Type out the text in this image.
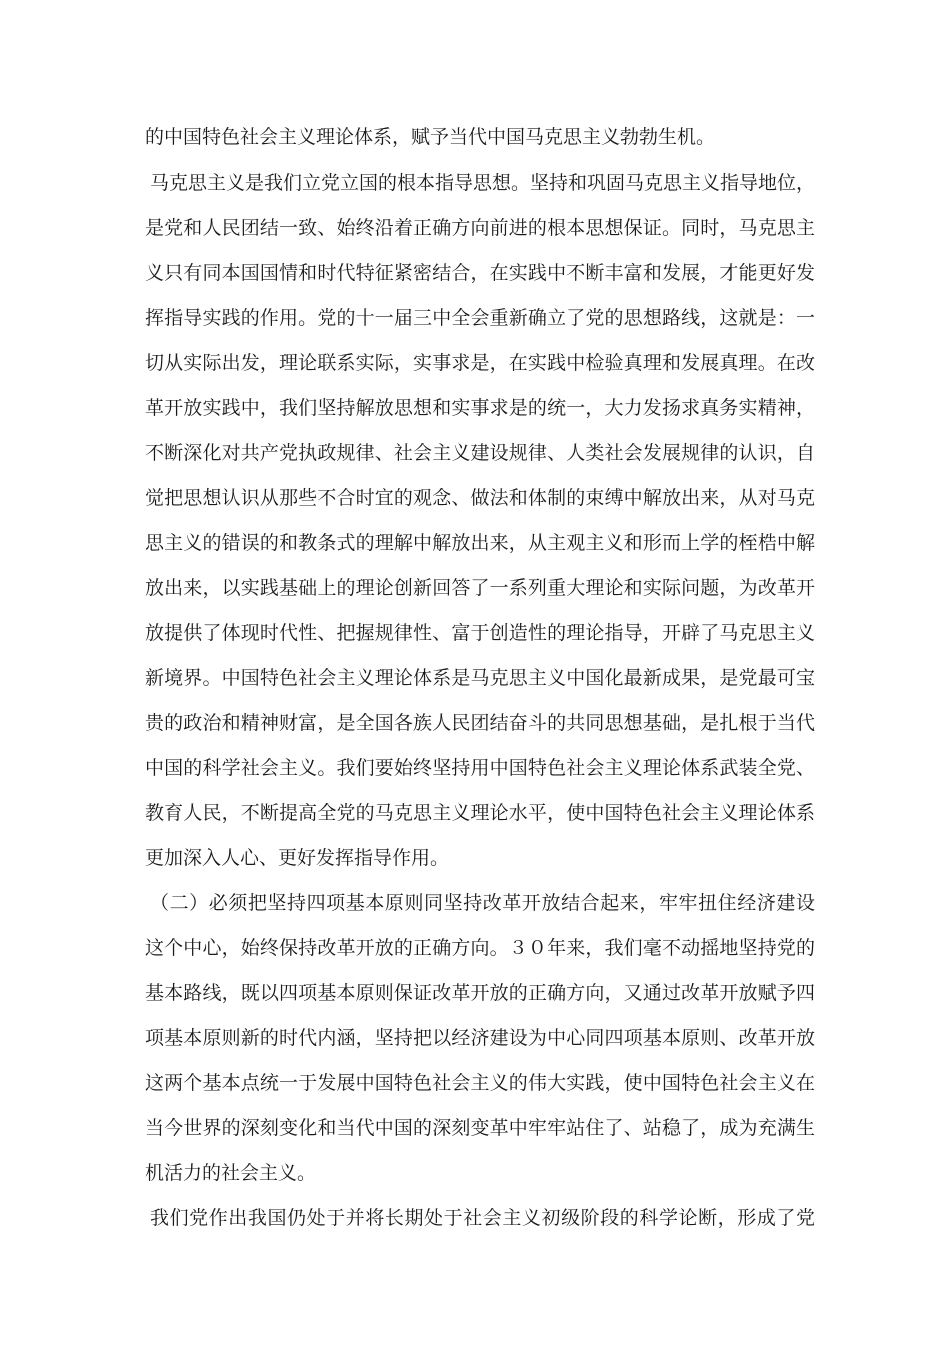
的中国特色社会主义理论体系，赋予当代中国马克思主义勃勃生机。
马克思主义是我们立党立国的根本指导思想。坚持和巩固马克思主义指导地位，
是党和人民团结一致、始终沿着正确方向前进的根本思想保证。同时，马克思主
义只有同本国国情和时代特征紧密结合，在实践中不断丰富和发展，才能更好发
挥指导实践的作用。党的十一届三中全会重新确立了党的思想路线，这就是：一
切从实际出发，理论联系实际，实事求是，在实践中检验真理和发展真理。在改
革开放实践中，我们坚持解放思想和实事求是的统一，大力发扬求真务实精神，
不断深化对共产党执政规律、社会主义建设规律、人类社会发展规律的认识，自
觉把思想认识从那些不合时宜的观念、做法和体制的束缚中解放出来，从对马克
思主义的错误的和教条式的理解中解放出来，从主观主义和形而上学的桎梏中解
放出来，以实践基础上的理论创新回答了一系列重大理论和实际问题，为改革开
放提供了体现时代性、把握规律性、富于创造性的理论指导，开辟了马克思主义
新境界。中国特色社会主义理论体系是马克思主义中国化最新成果，是党最可宝
贵的政治和精神财富，是全国各族人民团结奋斗的共同思想基础，是扎根于当代
中国的科学社会主义。我们要始终坚持用中国特色社会主义理论体系武装全党、
教育人民，不断提高全党的马克思主义理论水平，使中国特色社会主义理论体系
更加深入人心、更好发挥指导作用。
（二）必须把坚持四项基本原则同坚持改革开放结合起来，牢牢扭住经济建设
这个中心，始终保持改革开放的正确方向。３０年来，我们毫不动摇地坚持党的
基本路线，既以四项基本原则保证改革开放的正确方向，又通过改革开放赋予四
项基本原则新的时代内涵，坚持把以经济建设为中心同四项基本原则、改革开放
这两个基本点统一于发展中国特色社会主义的伟大实践，使中国特色社会主义在
当今世界的深刻变化和当代中国的深刻变革中牢牢站住了、站稳了，成为充满生
机活力的社会主义。
我们党作出我国仍处于并将长期处于社会主义初级阶段的科学论断，形成了党
